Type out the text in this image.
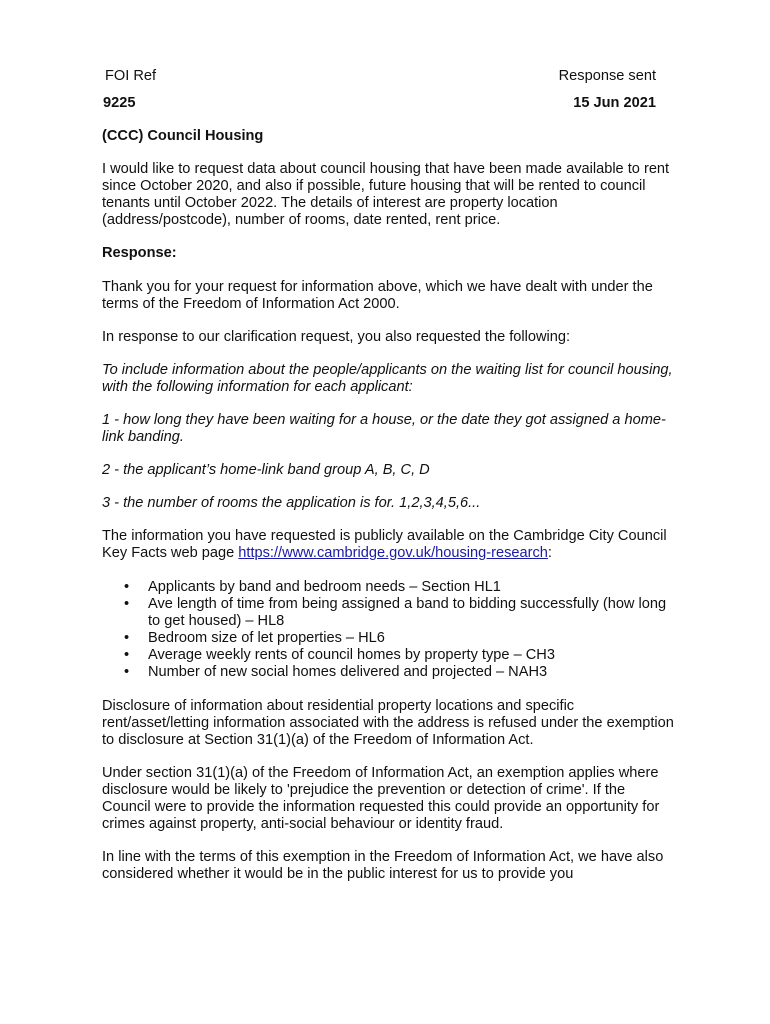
FOI Ref	Response sent
9225	15 Jun 2021

(CCC) Council Housing

I would like to request data about council housing that have been made available to rent since October 2020, and also if possible, future housing that will be rented to council tenants until October 2022. The details of interest are property location (address/postcode), number of rooms, date rented, rent price.

Response:

Thank you for your request for information above, which we have dealt with under the terms of the Freedom of Information Act 2000.

In response to our clarification request, you also requested the following:

To include information about the people/applicants on the waiting list for council housing, with the following information for each applicant:

1 - how long they have been waiting for a house, or the date they got assigned a home-link banding.

2 - the applicant’s home-link band group A, B, C, D

3 - the number of rooms the application is for. 1,2,3,4,5,6...

The information you have requested is publicly available on the Cambridge City Council Key Facts web page https://www.cambridge.gov.uk/housing-research:

• Applicants by band and bedroom needs – Section HL1
• Ave length of time from being assigned a band to bidding successfully (how long to get housed) – HL8
• Bedroom size of let properties – HL6
• Average weekly rents of council homes by property type – CH3
• Number of new social homes delivered and projected – NAH3

Disclosure of information about residential property locations and specific rent/asset/letting information associated with the address is refused under the exemption to disclosure at Section 31(1)(a) of the Freedom of Information Act.

Under section 31(1)(a) of the Freedom of Information Act, an exemption applies where disclosure would be likely to 'prejudice the prevention or detection of crime'. If the Council were to provide the information requested this could provide an opportunity for crimes against property, anti-social behaviour or identity fraud.

In line with the terms of this exemption in the Freedom of Information Act, we have also considered whether it would be in the public interest for us to provide you
